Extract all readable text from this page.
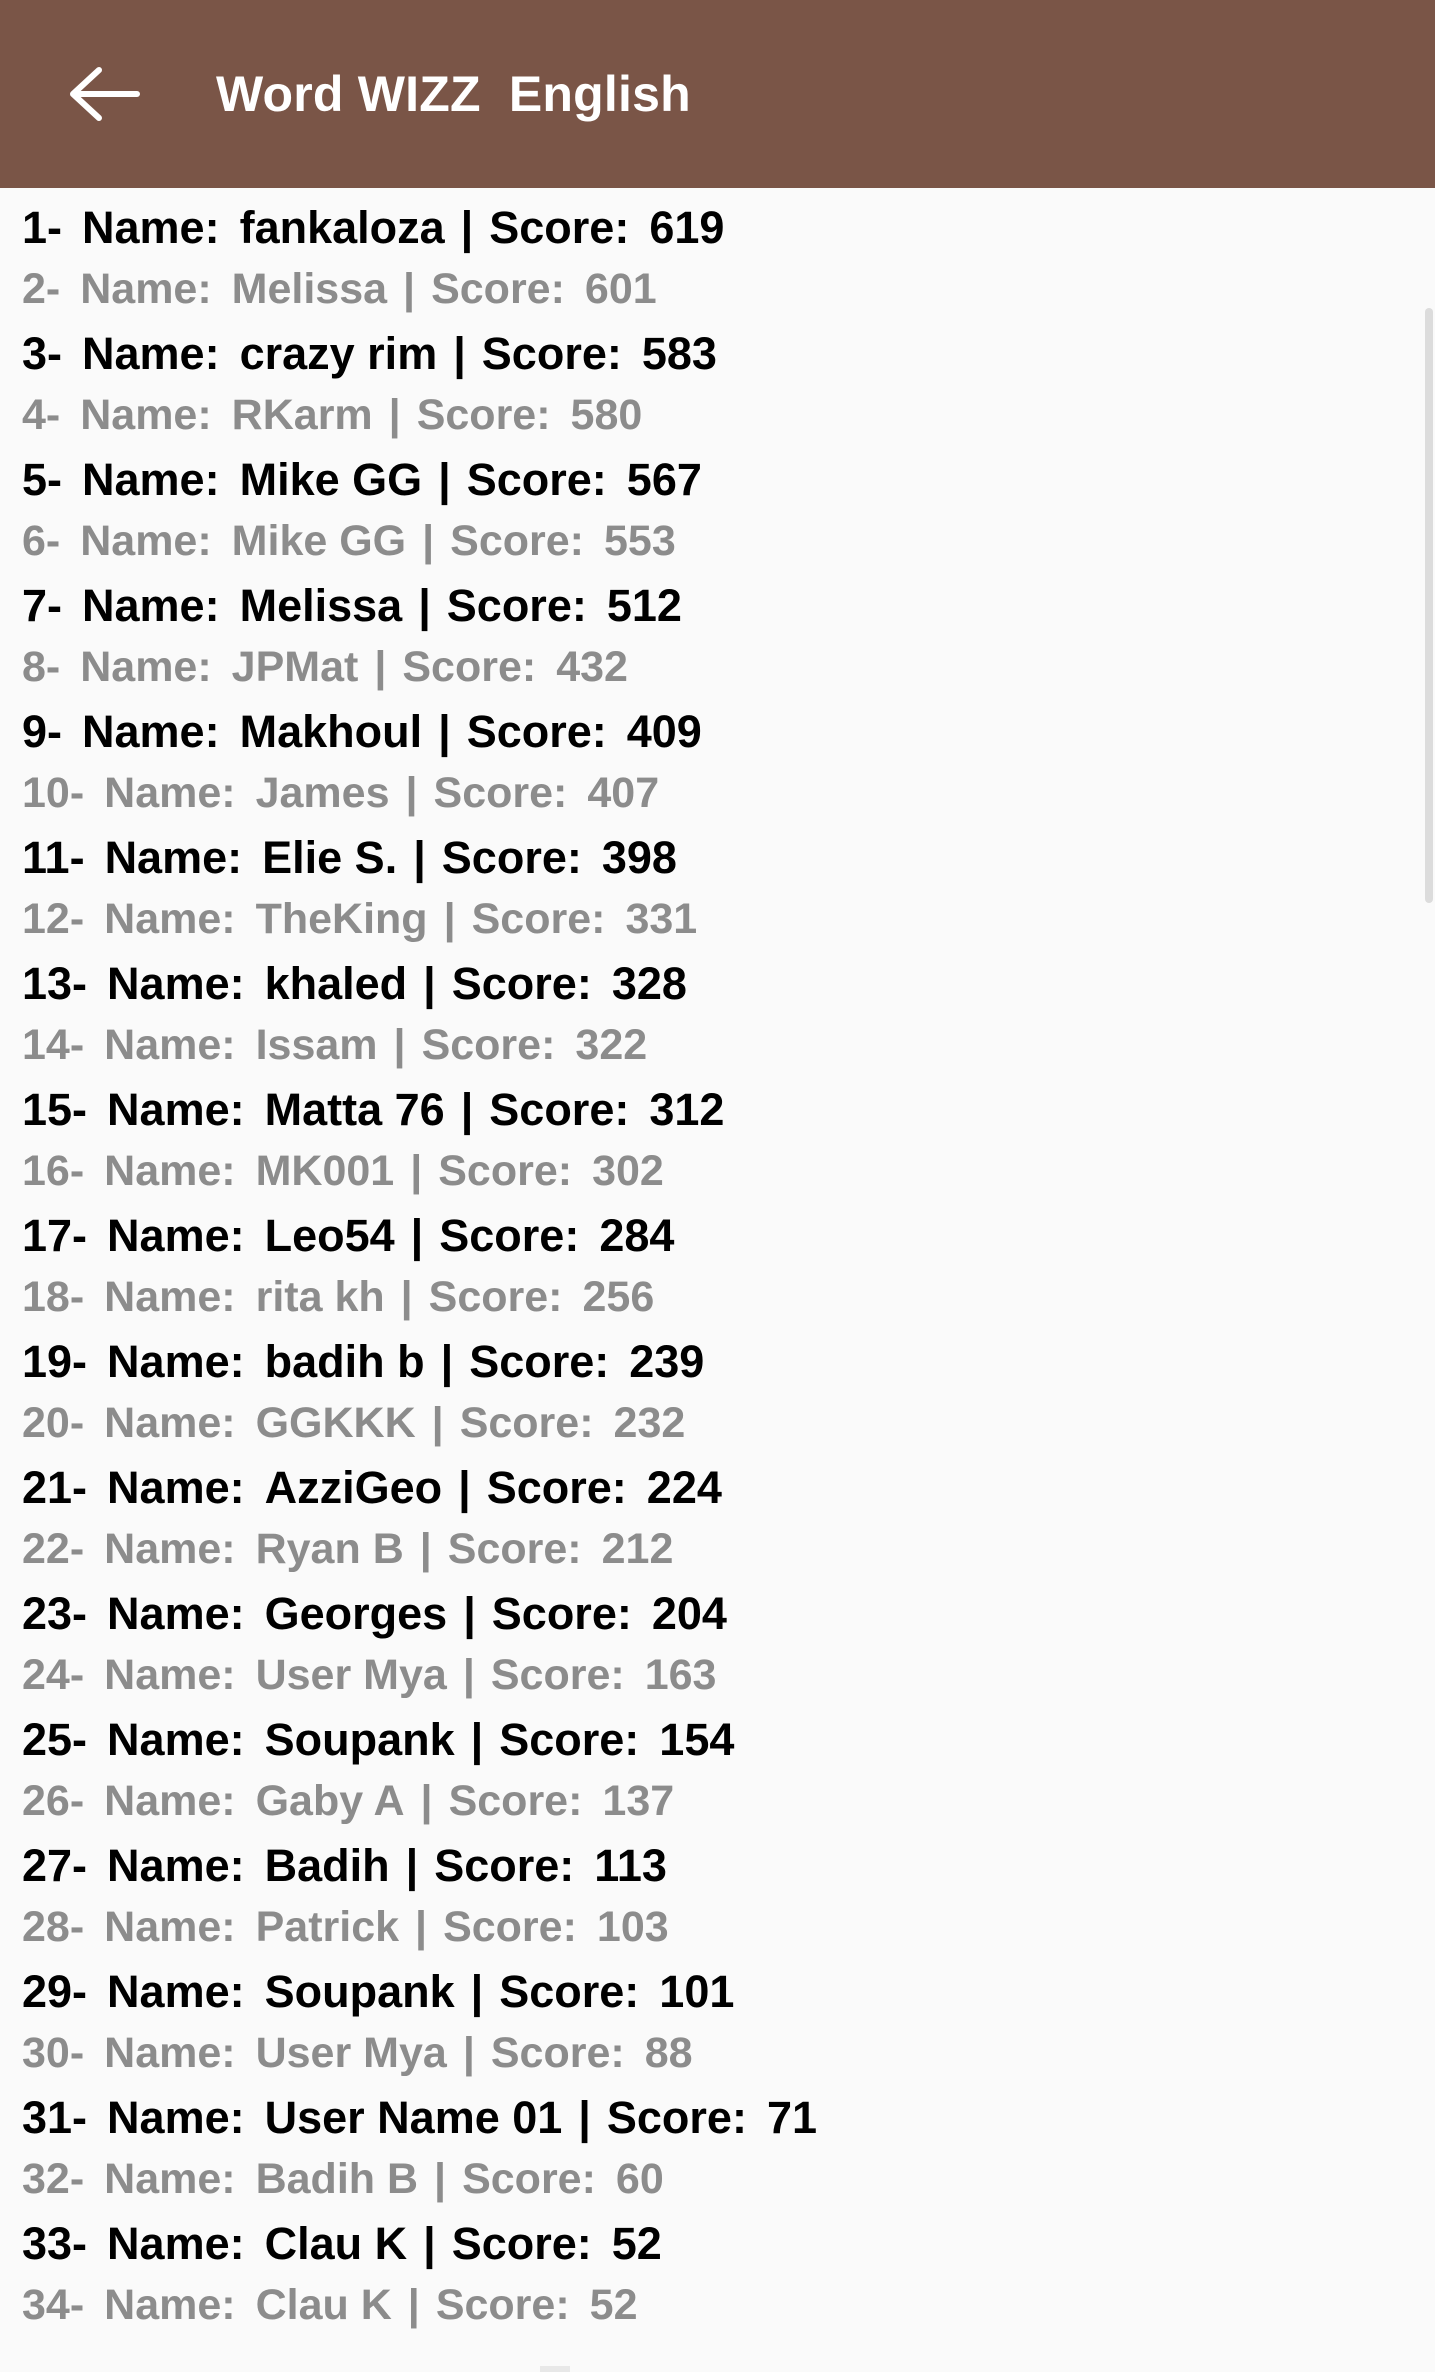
Word WIZZ  English
1- Name: fankaloza | Score: 619
2- Name: Melissa | Score: 601
3- Name: crazy rim | Score: 583
4- Name: RKarm | Score: 580
5- Name: Mike GG | Score: 567
6- Name: Mike GG | Score: 553
7- Name: Melissa | Score: 512
8- Name: JPMat | Score: 432
9- Name: Makhoul | Score: 409
10- Name: James | Score: 407
11- Name: Elie S. | Score: 398
12- Name: TheKing | Score: 331
13- Name: khaled | Score: 328
14- Name: Issam | Score: 322
15- Name: Matta 76 | Score: 312
16- Name: MK001 | Score: 302
17- Name: Leo54 | Score: 284
18- Name: rita kh | Score: 256
19- Name: badih b | Score: 239
20- Name: GGKKK | Score: 232
21- Name: AzziGeo | Score: 224
22- Name: Ryan B | Score: 212
23- Name: Georges | Score: 204
24- Name: User Mya | Score: 163
25- Name: Soupank | Score: 154
26- Name: Gaby A | Score: 137
27- Name: Badih | Score: 113
28- Name: Patrick | Score: 103
29- Name: Soupank | Score: 101
30- Name: User Mya | Score: 88
31- Name: User Name 01 | Score: 71
32- Name: Badih B | Score: 60
33- Name: Clau K | Score: 52
34- Name: Clau K | Score: 52
